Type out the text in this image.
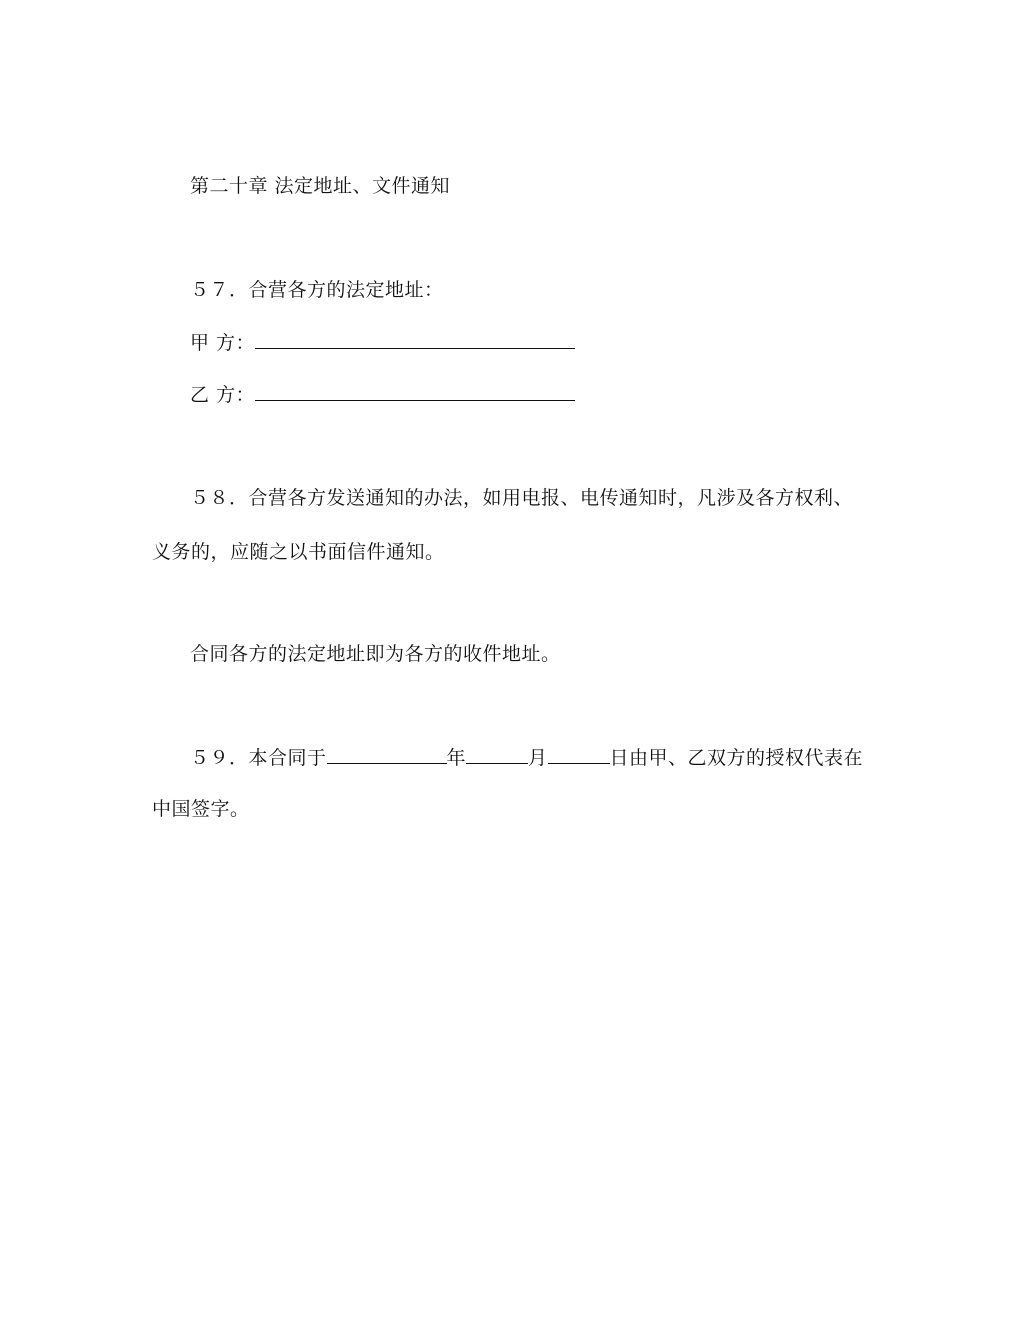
第二十章 法定地址、文件通知
５７．合营各方的法定地址：
甲 方：
乙 方：
５８．合营各方发送通知的办法，如用电报、电传通知时，凡涉及各方权利、
义务的，应随之以书面信件通知。
合同各方的法定地址即为各方的收件地址。
５９．本合同于	年	月	日由甲、乙双方的授权代表在
中国签字。
